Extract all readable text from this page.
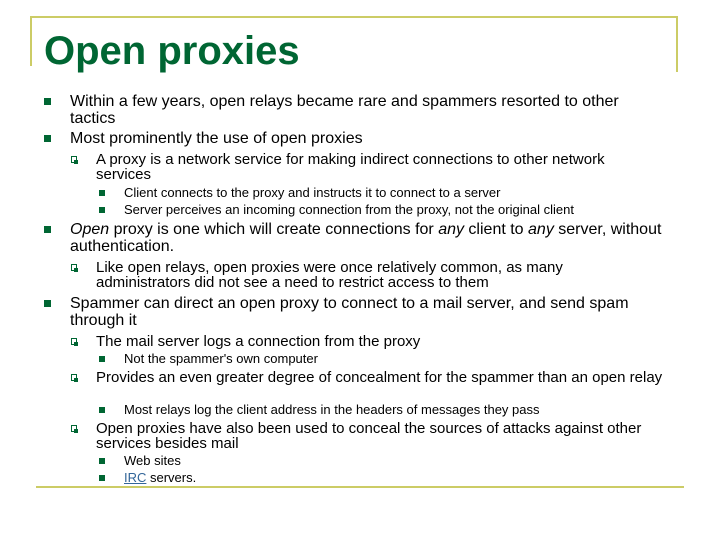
Open proxies
Within a few years, open relays became rare and spammers resorted to other tactics
Most prominently the use of open proxies
A proxy is a network service for making indirect connections to other network services
Client connects to the proxy and instructs it to connect to a server
Server perceives an incoming connection from the proxy, not the original client
Open proxy is one which will create connections for any client to any server, without authentication.
Like open relays, open proxies were once relatively common, as many administrators did not see a need to restrict access to them
Spammer can direct an open proxy to connect to a mail server, and send spam through it
The mail server logs a connection from the proxy
Not the spammer's own computer
Provides an even greater degree of concealment for the spammer than an open relay
Most relays log the client address in the headers of messages they pass
Open proxies have also been used to conceal the sources of attacks against other services besides mail
Web sites
IRC servers.
